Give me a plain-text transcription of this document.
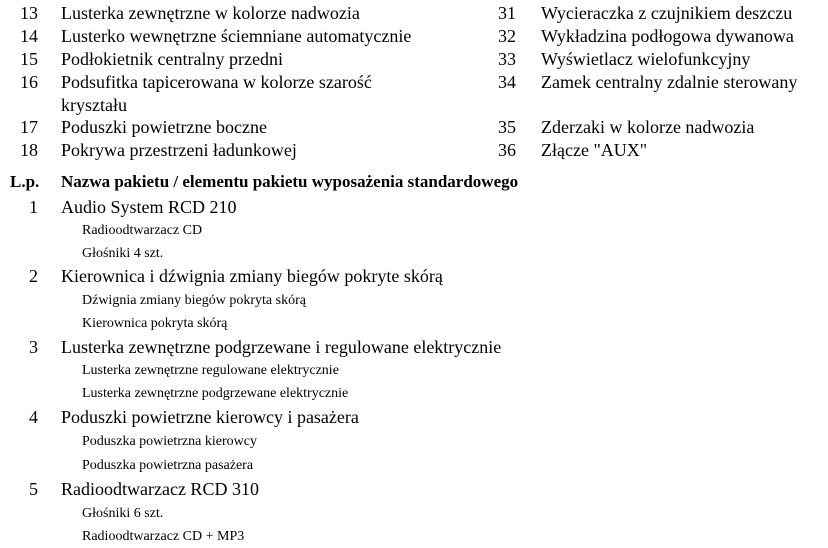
13 Lusterka zewnętrzne w kolorze nadwozia
14 Lusterko wewnętrzne ściemniane automatycznie
15 Podłokietnik centralny przedni
16 Podsufitka tapicerowana w kolorze szarość
kryształu
17 Poduszki powietrzne boczne
18 Pokrywa przestrzeni ładunkowej
31 Wycieraczka z czujnikiem deszczu
32 Wykładzina podłogowa dywanowa
33 Wyświetlacz wielofunkcyjny
34 Zamek centralny zdalnie sterowany
35 Zderzaki w kolorze nadwozia
36 Złącze "AUX"
L.p. Nazwa pakietu / elementu pakietu wyposażenia standardowego
1 Audio System RCD 210
Radioodtwarzacz CD
Głośniki 4 szt.
2 Kierownica i dźwignia zmiany biegów pokryte skórą
Dźwignia zmiany biegów pokryta skórą
Kierownica pokryta skórą
3 Lusterka zewnętrzne podgrzewane i regulowane elektrycznie
Lusterka zewnętrzne regulowane elektrycznie
Lusterka zewnętrzne podgrzewane elektrycznie
4 Poduszki powietrzne kierowcy i pasażera
Poduszka powietrzna kierowcy
Poduszka powietrzna pasażera
5 Radioodtwarzacz RCD 310
Głośniki 6 szt.
Radioodtwarzacz CD + MP3
